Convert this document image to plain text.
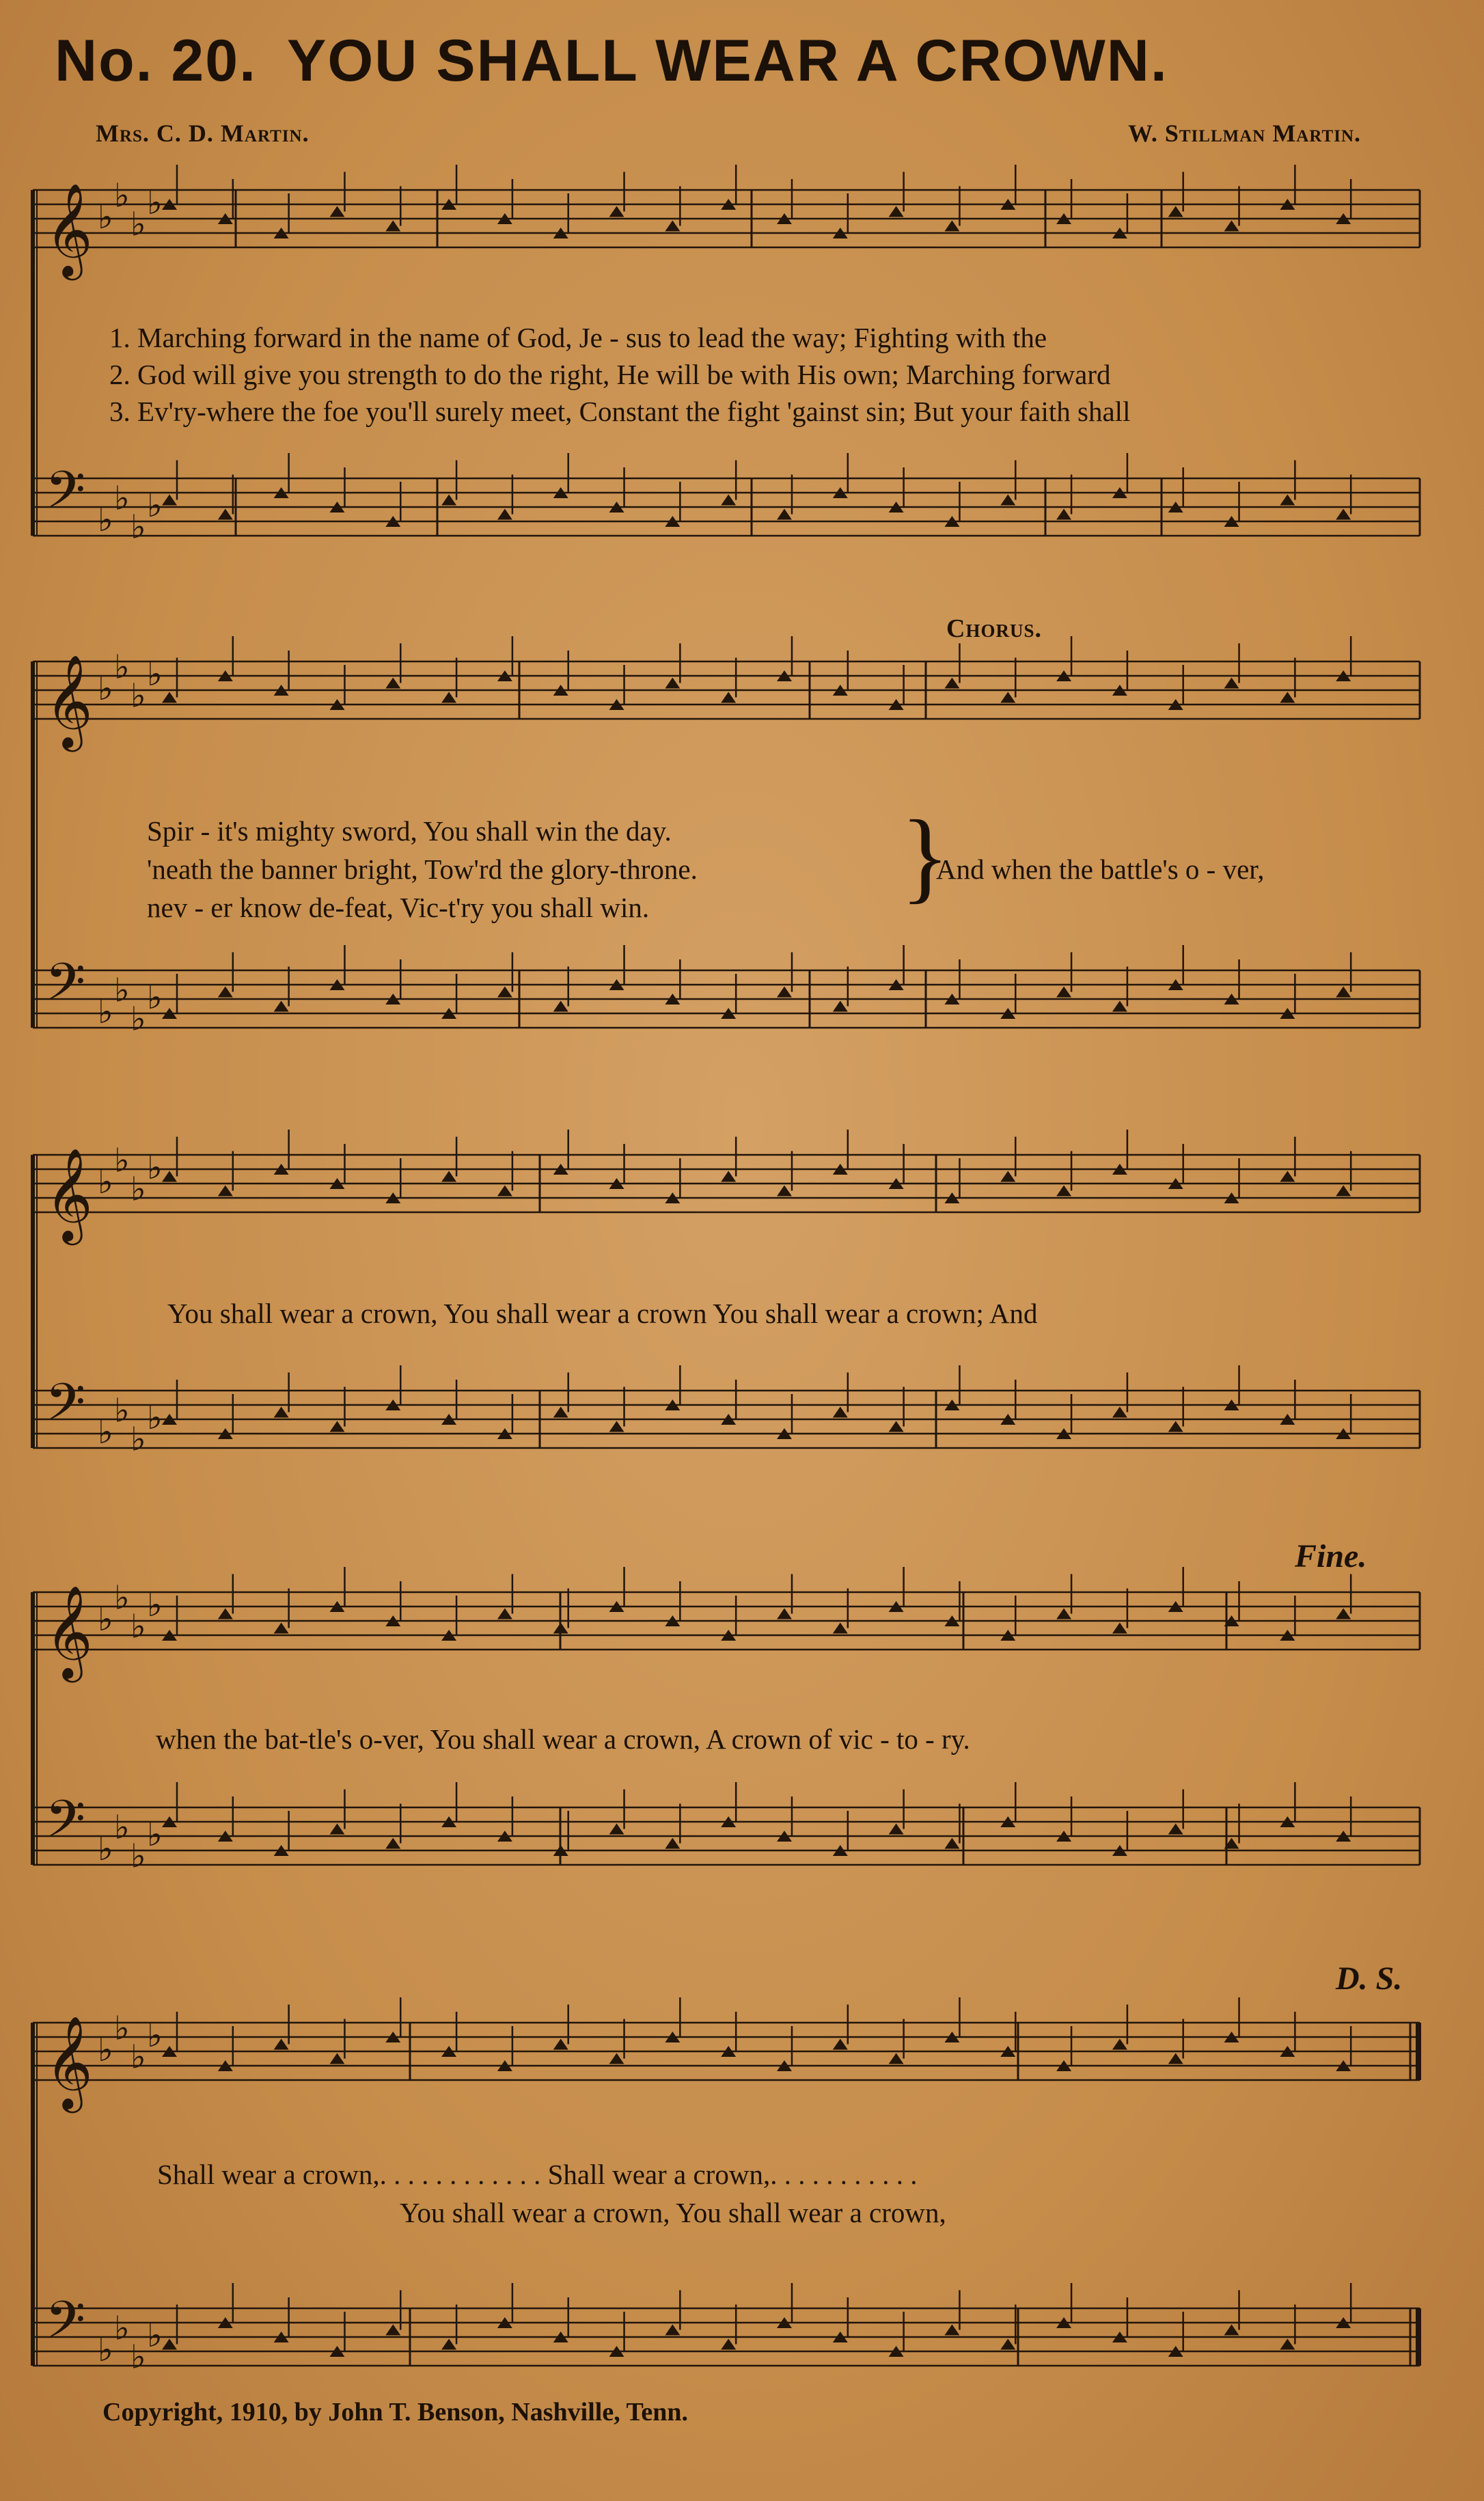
No. 20. YOU SHALL WEAR A CROWN.
Mrs. C. D. Martin.	W. Stillman Martin.
𝄞 ♭
♭
♭
♭
𝄢 ♭
♭
♭
♭
𝄞 ♭
♭
♭
♭
𝄢 ♭
♭
♭
♭
𝄞 ♭
♭
♭
♭
𝄢 ♭
♭
♭
♭
𝄞 ♭
♭
♭
♭
𝄢 ♭
♭
♭
♭
𝄞 ♭
♭
♭
♭
𝄢 ♭
♭
♭
♭
1. Marching forward in the name of God, Je - sus to lead the way; Fighting with the
2. God will give you strength to do the right, He will be with His own; Marching forward
3. Ev'ry-where the foe you'll surely meet, Constant the fight 'gainst sin; But your faith shall
Chorus.
Spir - it's mighty sword, You shall win the day.
'neath the banner bright, Tow'rd the glory-throne.
nev - er know de-feat, Vic-t'ry you shall win. }
And when the battle's o - ver,
You shall wear a crown, You shall wear a crown You shall wear a crown; And
Fine.
when the bat-tle's o-ver, You shall wear a crown, A crown of vic - to - ry.
D. S.
Shall wear a crown,. . . . . . . . . . . . Shall wear a crown,. . . . . . . . . . .
You shall wear a crown, You shall wear a crown,
Copyright, 1910, by John T. Benson, Nashville, Tenn.
